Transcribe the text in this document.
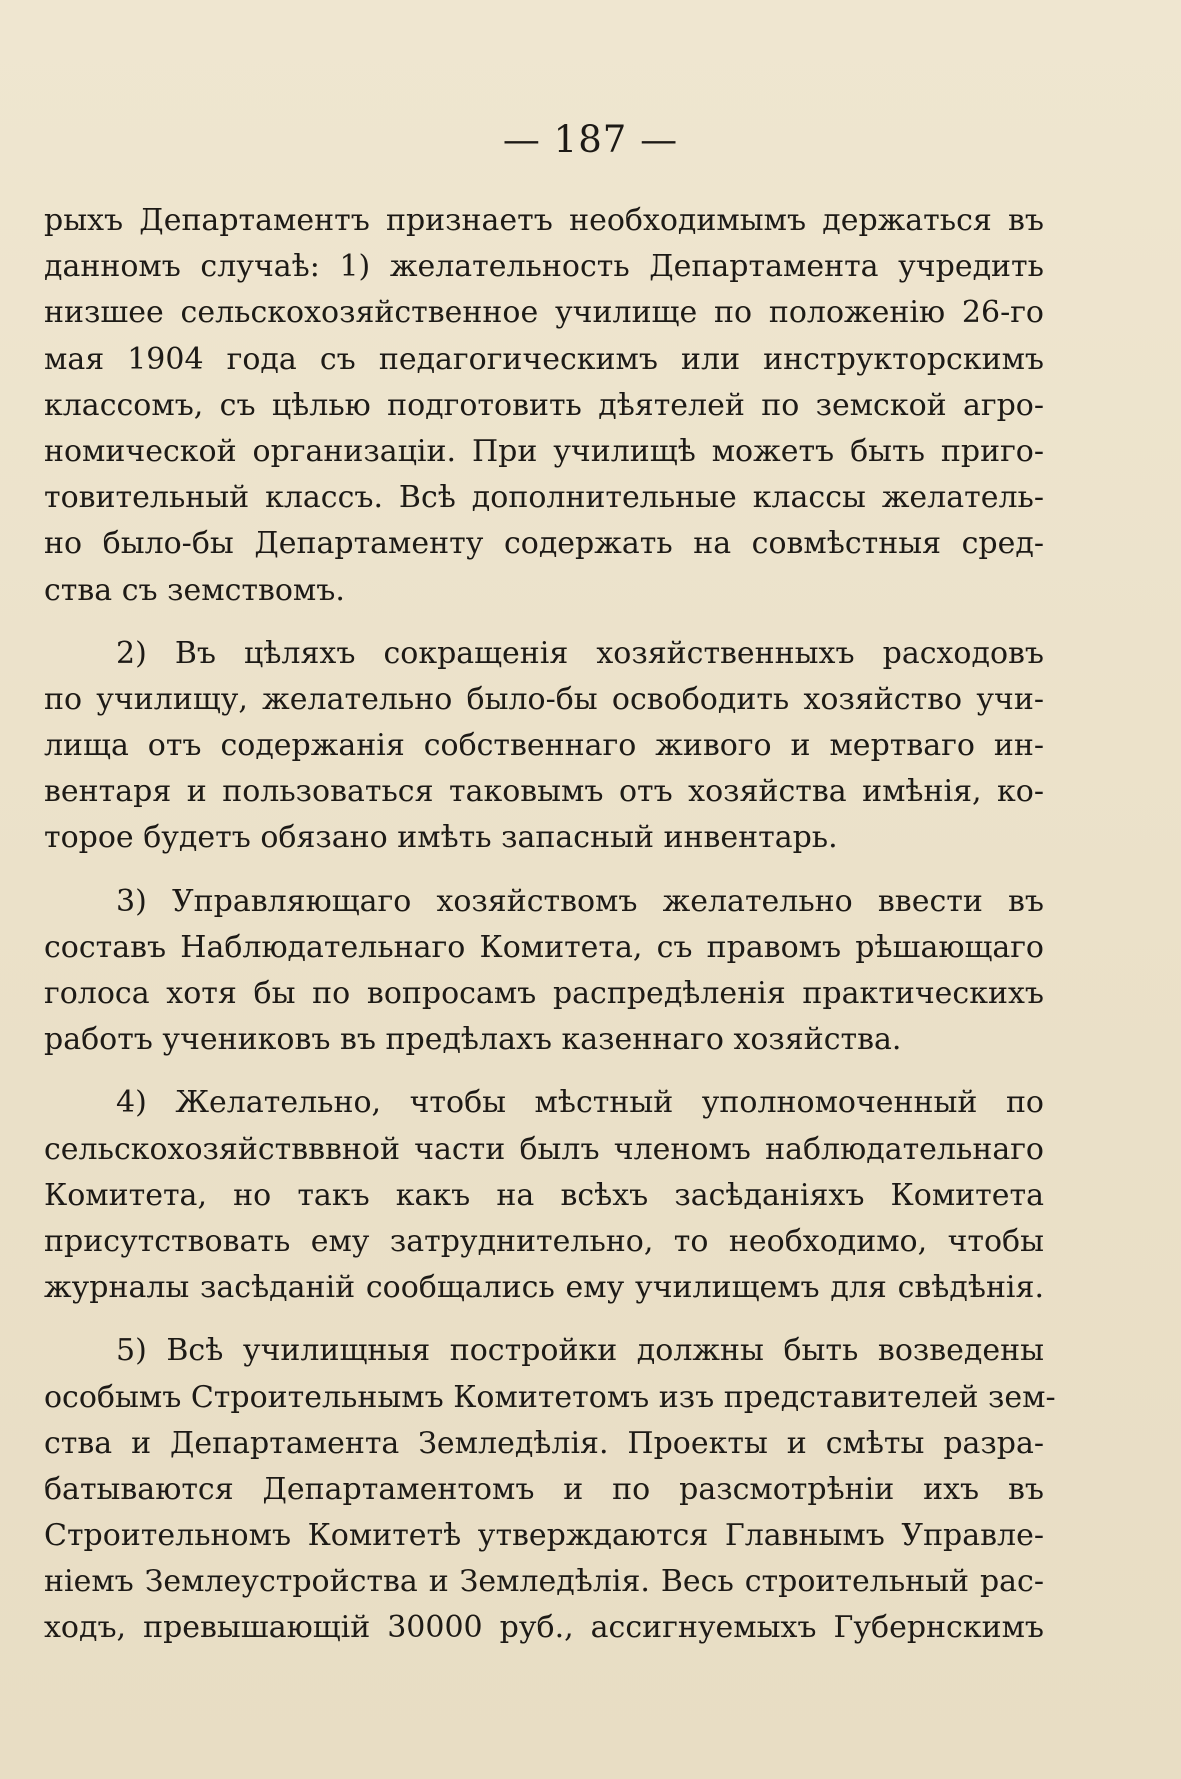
— 187 —
рыхъ Департаментъ признаетъ необходимымъ держаться въ
данномъ случаѣ: 1) желательность Департамента учредить
низшее сельскохозяйственное училище по положенію 26-го
мая 1904 года съ педагогическимъ или инструкторскимъ
классомъ, съ цѣлью подготовить дѣятелей по земской агро-
номической организаціи. При училищѣ можетъ быть приго-
товительный классъ. Всѣ дополнительные классы желатель-
но было-бы Департаменту содержать на совмѣстныя сред-
ства съ земствомъ.
2) Въ цѣляхъ сокращенія хозяйственныхъ расходовъ
по училищу, желательно было-бы освободить хозяйство учи-
лища отъ содержанія собственнаго живого и мертваго ин-
вентаря и пользоваться таковымъ отъ хозяйства имѣнія, ко-
торое будетъ обязано имѣть запасный инвентарь.
3) Управляющаго хозяйствомъ желательно ввести въ
составъ Наблюдательнаго Комитета, съ правомъ рѣшающаго
голоса хотя бы по вопросамъ распредѣленія практическихъ
работъ учениковъ въ предѣлахъ казеннаго хозяйства.
4) Желательно, чтобы мѣстный уполномоченный по
сельскохозяйствввной части былъ членомъ наблюдательнаго
Комитета, но такъ какъ на всѣхъ засѣданіяхъ Комитета
присутствовать ему затруднительно, то необходимо, чтобы
журналы засѣданій сообщались ему училищемъ для свѣдѣнія.
5) Всѣ училищныя постройки должны быть возведены
особымъ Строительнымъ Комитетомъ изъ представителей зем-
ства и Департамента Земледѣлія. Проекты и смѣты разра-
батываются Департаментомъ и по разсмотрѣніи ихъ въ
Строительномъ Комитетѣ утверждаются Главнымъ Управле-
ніемъ Землеустройства и Земледѣлія. Весь строительный рас-
ходъ, превышающій 30000 руб., ассигнуемыхъ Губернскимъ
